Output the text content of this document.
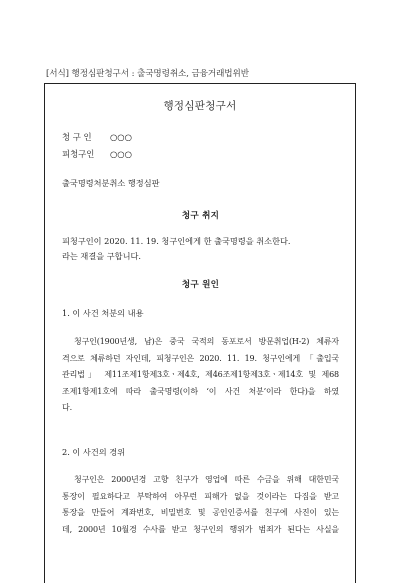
[서식] 행정심판청구서 : 출국명령취소, 금융거래법위반
행정심판청구서
청 구 인 ○○○
피청구인 ○○○
출국명령처분취소 행정심판
청구 취지
피청구인이 2020. 11. 19. 청구인에게 한 출국명령을 취소한다.
라는 재결을 구합니다.
청구 원인
1. 이 사건 처분의 내용
청구인(1900년생, 남)은 중국 국적의 동포로서 방문취업(H-2) 체류자
격으로 체류하던 자인데, 피청구인은 2020. 11. 19. 청구인에게 「출입국
관리법」 제11조제1항제3호ㆍ제4호, 제46조제1항제3호ㆍ제14호 및 제68
조제1항제1호에 따라 출국명령(이하 ‘이 사건 처분’이라 한다)을 하였
다.
2. 이 사건의 경위
청구인은 2000년경 고향 친구가 영업에 따른 수금을 위해 대한민국
통장이 필요하다고 부탁하여 아무런 피해가 없을 것이라는 다짐을 받고
통장을 만들어 계좌번호, 비밀번호 및 공인인증서를 친구에 사진이 있는
데, 2000년 10월경 수사를 받고 청구인의 행위가 범죄가 된다는 사실을
